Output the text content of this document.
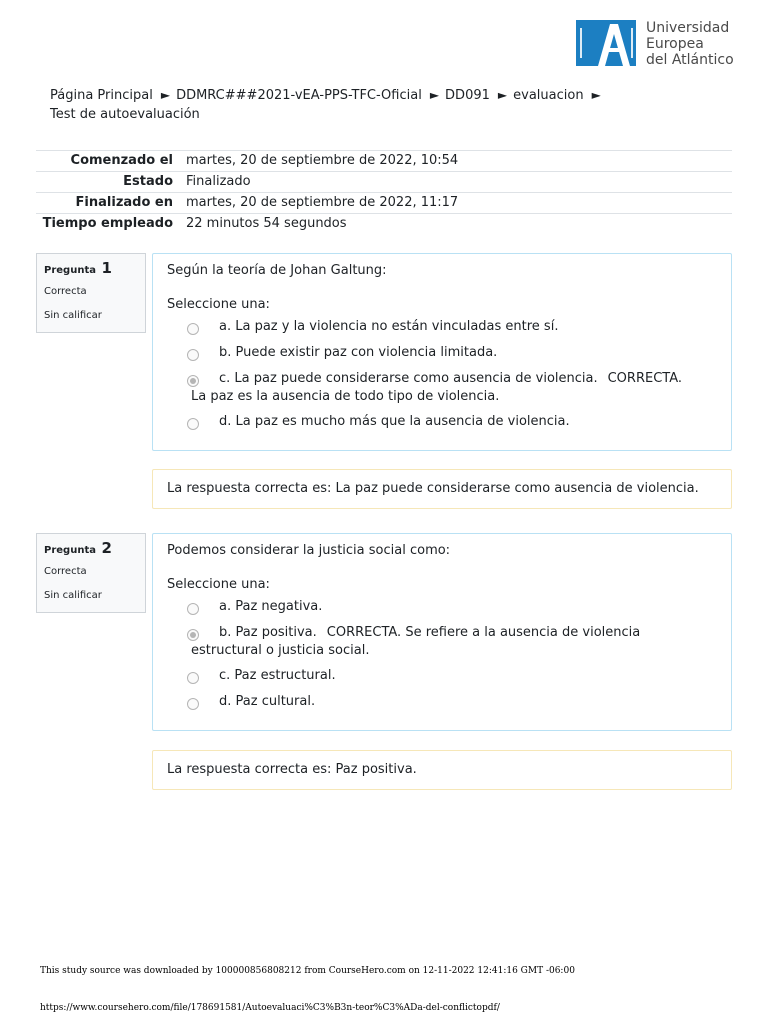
Universidad
Europea
del Atlántico
Página Principal ► DDMRC###2021-vEA-PPS-TFC-Oficial ► DD091 ► evaluacion ►
Test de autoevaluación
Comenzado el	martes, 20 de septiembre de 2022, 10:54
Estado	Finalizado
Finalizado en	martes, 20 de septiembre de 2022, 11:17
Tiempo empleado	22 minutos 54 segundos
Pregunta 1
Correcta
Sin calificar
Según la teoría de Johan Galtung:
Seleccione una:
a. La paz y la violencia no están vinculadas entre sí.
b. Puede existir paz con violencia limitada.
c. La paz puede considerarse como ausencia de violencia. CORRECTA. La paz es la ausencia de todo tipo de violencia.
d. La paz es mucho más que la ausencia de violencia.
La respuesta correcta es: La paz puede considerarse como ausencia de violencia.
Pregunta 2
Correcta
Sin calificar
Podemos considerar la justicia social como:
Seleccione una:
a. Paz negativa.
b. Paz positiva. CORRECTA. Se refiere a la ausencia de violencia estructural o justicia social.
c. Paz estructural.
d. Paz cultural.
La respuesta correcta es: Paz positiva.
This study source was downloaded by 100000856808212 from CourseHero.com on 12-11-2022 12:41:16 GMT -06:00
https://www.coursehero.com/file/178691581/Autoevaluaci%C3%B3n-teor%C3%ADa-del-conflictopdf/
